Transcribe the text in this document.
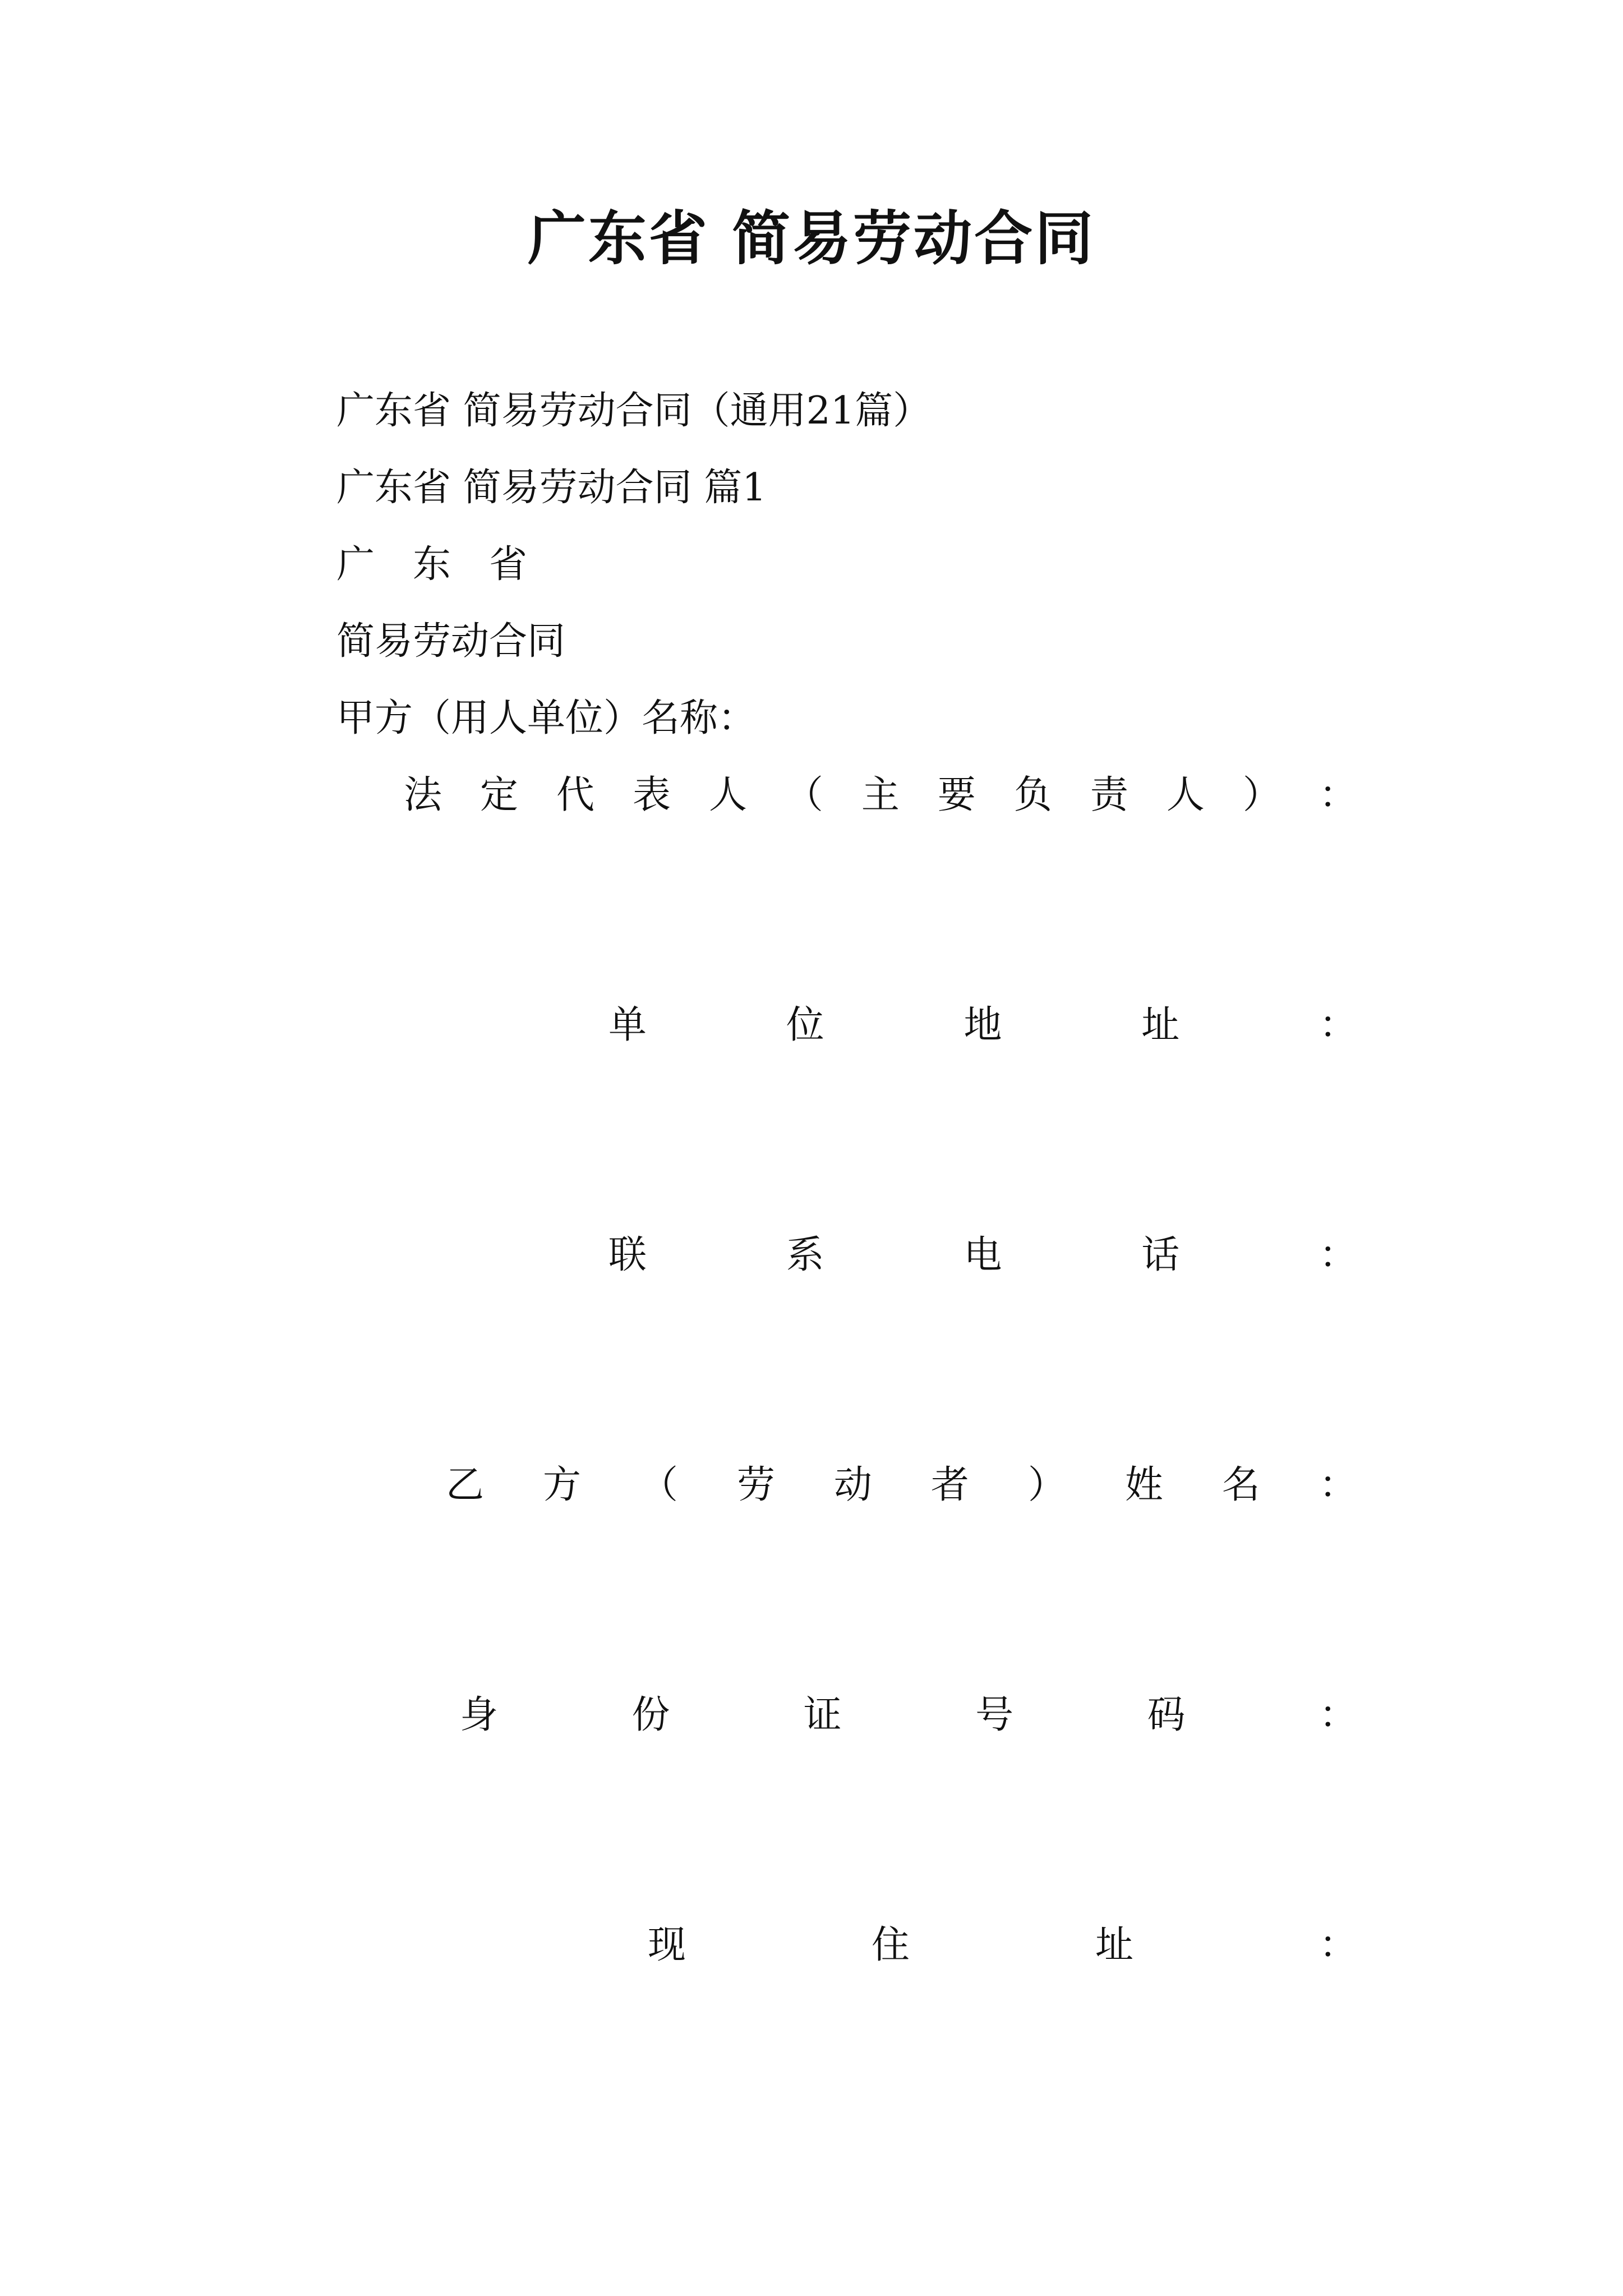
广东省 简易劳动合同
广东省 简易劳动合同（通用21篇）
广东省 简易劳动合同 篇1
广　东　省
简易劳动合同
甲方（用人单位）名称：
法 定 代 表 人 （ 主 要 负 责 人 ） ：
单	位	地	址	：
联	系	电	话	：
乙 方 （ 劳 动 者 ） 姓 名 ：
身	份	证	号	码	：
现	住	址	：
